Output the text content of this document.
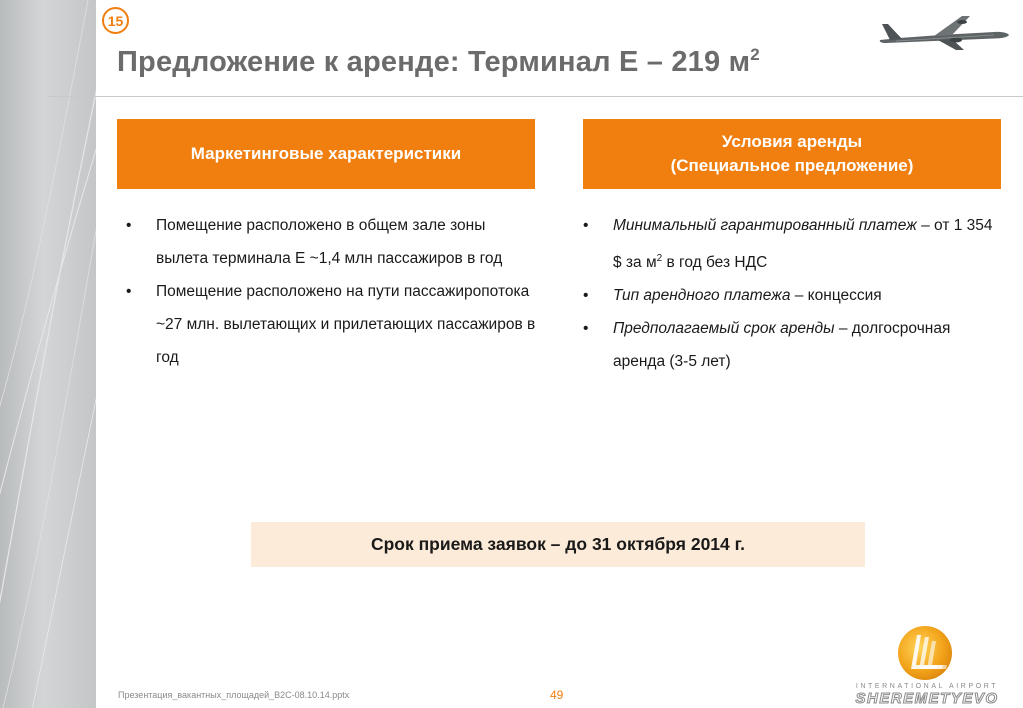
15
Предложение к аренде: Терминал Е – 219 $м^2$
Маркетинговые характеристики
Условия аренды
(Специальное предложение)
• Помещение расположено в общем зале зоны вылета терминала Е ~1,4 млн пассажиров в год
• Помещение расположено на пути пассажиропотока ~27 млн. вылетающих и прилетающих пассажиров в год
• Минимальный гарантированный платеж – от 1 354 $ за $м^2$ в год без НДС
• Тип арендного платежа – концессия
• Предполагаемый срок аренды – долгосрочная аренда (3-5 лет)
Срок приема заявок – до 31 октября 2014 г.
Презентация_вакантных_площадей_B2C-08.10.14.pptx	49
INTERNATIONAL AIRPORT
SHEREMETYEVO
